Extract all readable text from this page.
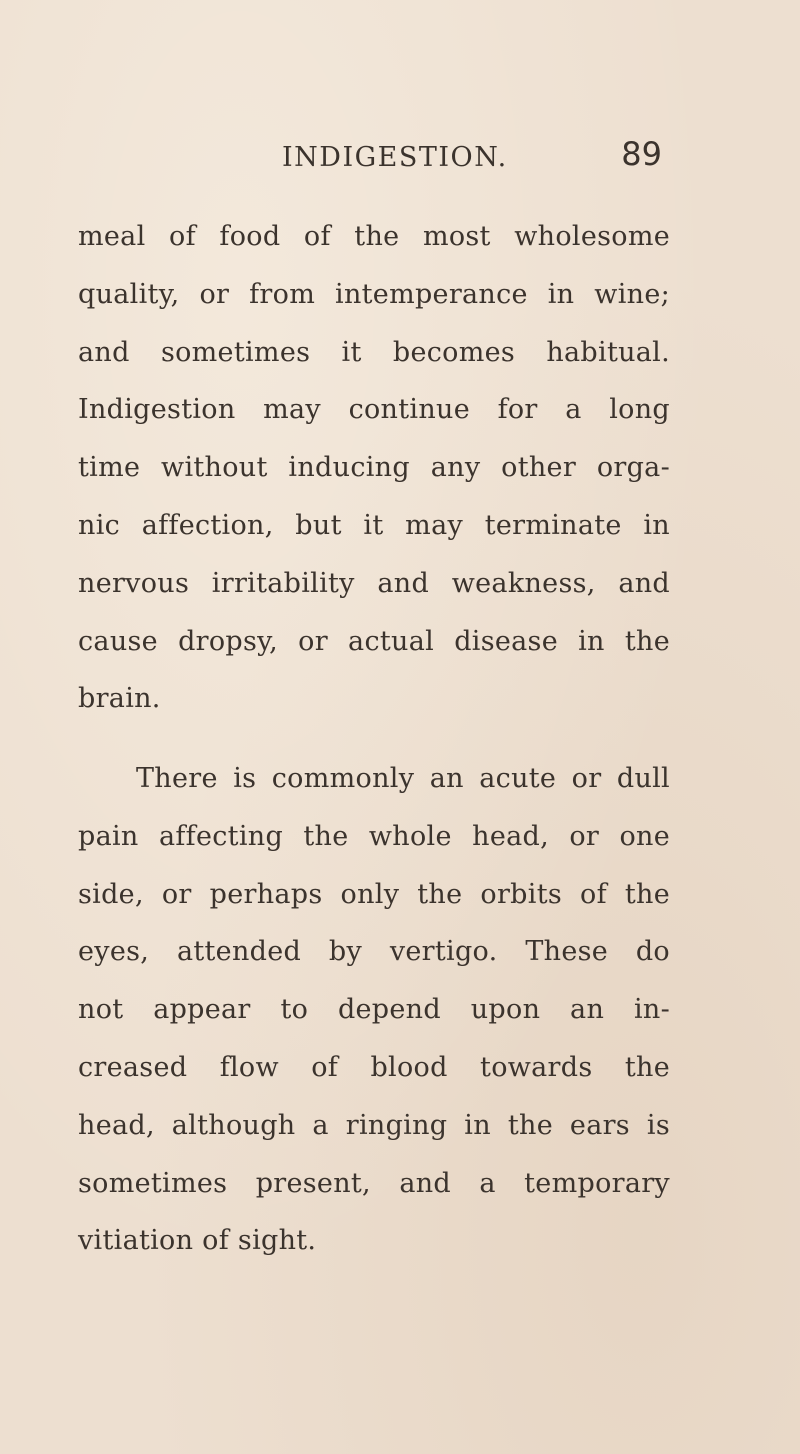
INDIGESTION.	89
meal of food of the most wholesome
quality, or from intemperance in wine;
and sometimes it becomes habitual.
Indigestion may continue for a long
time without inducing any other orga-
nic affection, but it may terminate in
nervous irritability and weakness, and
cause dropsy, or actual disease in the
brain.
There is commonly an acute or dull
pain affecting the whole head, or one
side, or perhaps only the orbits of the
eyes, attended by vertigo. These do
not appear to depend upon an in-
creased flow of blood towards the
head, although a ringing in the ears is
sometimes present, and a temporary
vitiation of sight.
